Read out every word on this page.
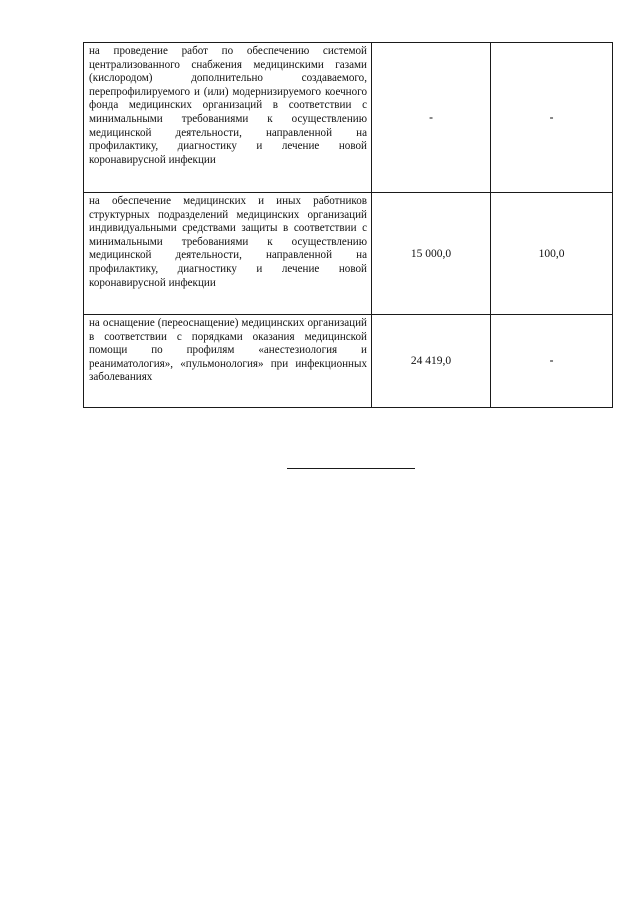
на проведение работ по обеспечению системой централизованного снабжения медицинскими газами (кислородом) дополнительно создаваемого, перепрофилируемого и (или) модернизируемого коечного фонда медицинских организаций в соответствии с минимальными требованиями к осуществлению медицинской деятельности, направленной на профилактику, диагностику и лечение новой коронавирусной инфекции	-	-
на обеспечение медицинских и иных работников структурных подразделений медицинских организаций индивидуальными средствами защиты в соответствии с минимальными требованиями к осуществлению медицинской деятельности, направленной на профилактику, диагностику и лечение новой коронавирусной инфекции	15 000,0	100,0
на оснащение (переоснащение) медицинских организаций в соответствии с порядками оказания медицинской помощи по профилям «анестезиология и реаниматология», «пульмонология» при инфекционных заболеваниях	24 419,0	-
